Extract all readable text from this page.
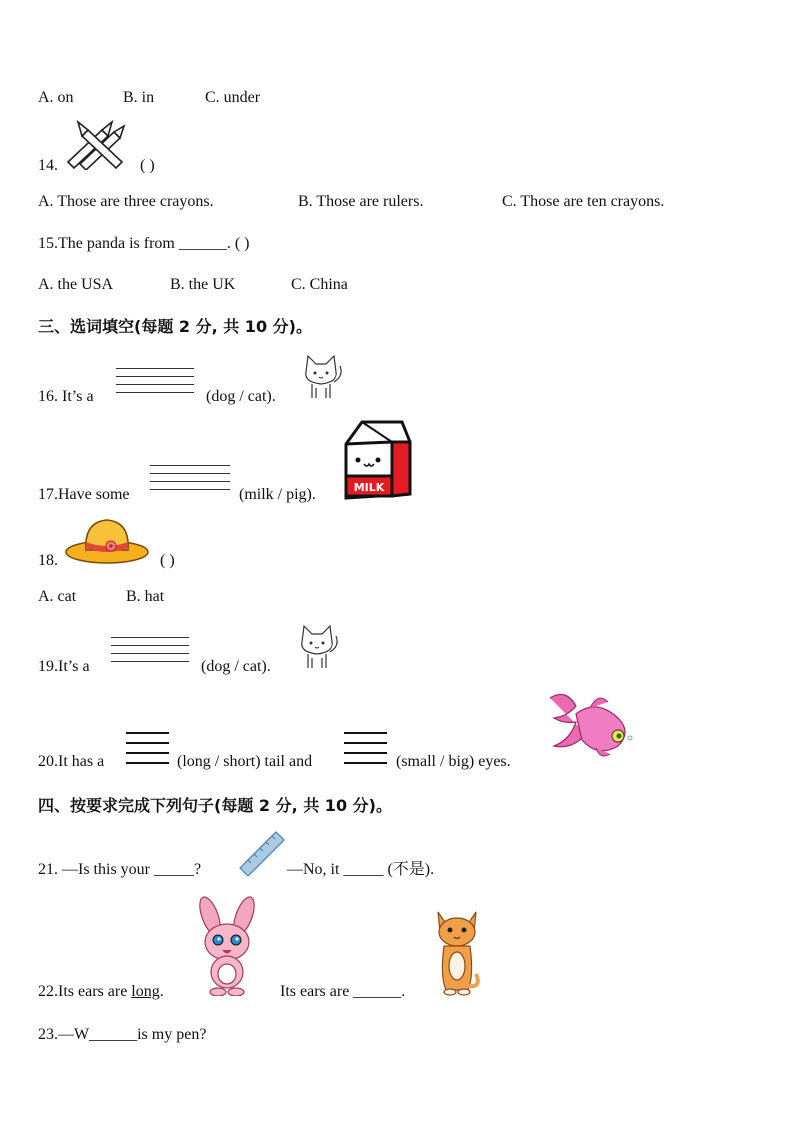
A. on	B. in	C. under
14.	( )
A. Those are three crayons.	B. Those are rulers.	C. Those are ten crayons.
15.The panda is from ______. ( )
A. the USA	B. the UK	C. China
三、选词填空(每题 2 分, 共 10 分)。
16. It’s a	(dog / cat).
17.Have some	(milk / pig).	MILK
18.	( )
A. cat	B. hat
19.It’s a	(dog / cat).
20.It has a	(long / short) tail and	(small / big) eyes.
四、按要求完成下列句子(每题 2 分, 共 10 分)。
21. —Is this your _____?	—No, it _____ (不是).
22.Its ears are long.	Its ears are ______.
23.—W______is my pen?
